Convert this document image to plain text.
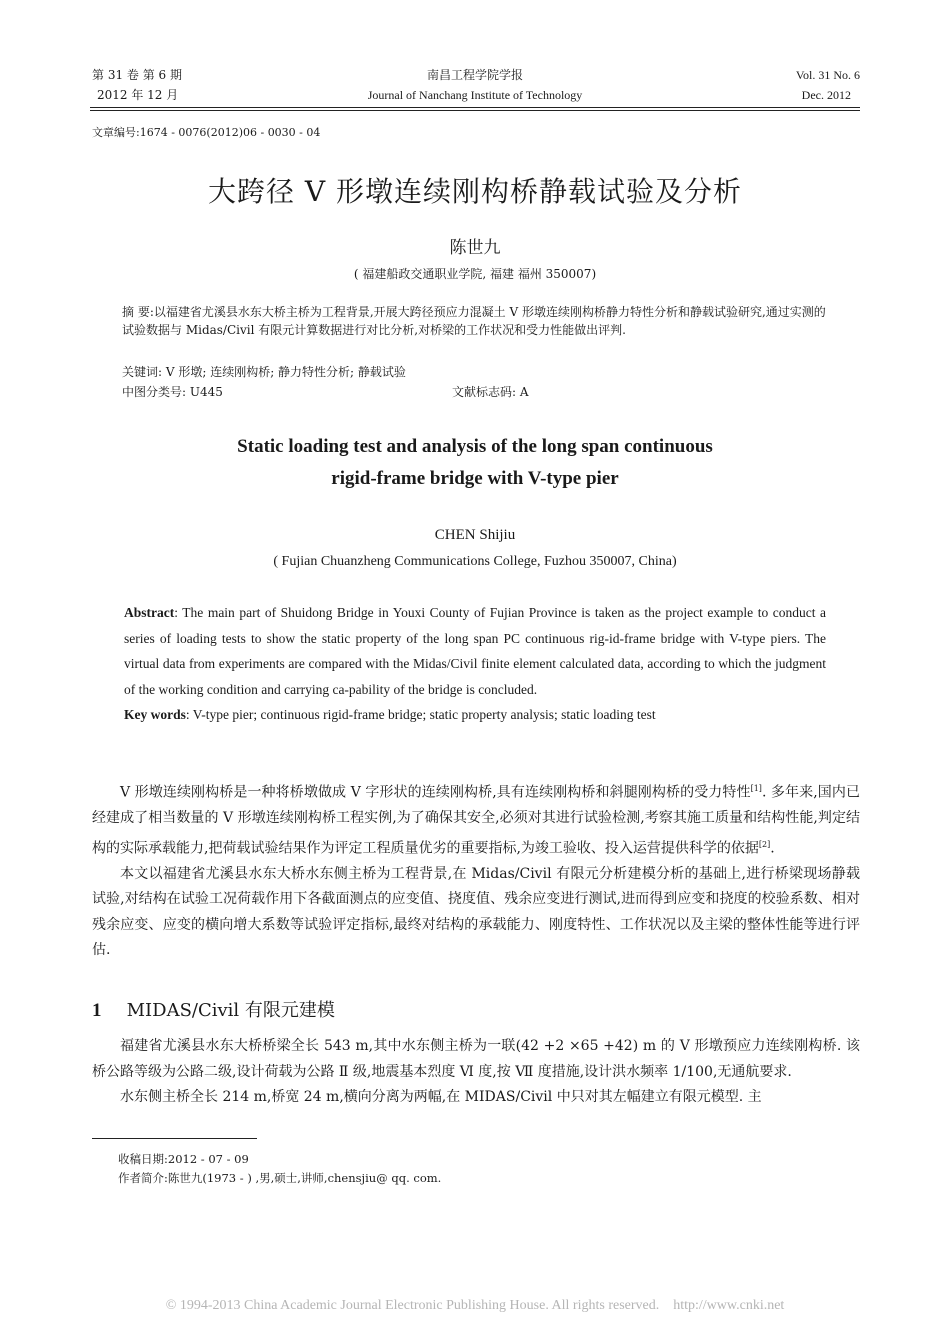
第 31 卷 第 6 期
2012 年 12 月
南昌工程学院学报
Journal of Nanchang Institute of Technology
Vol. 31 No. 6
Dec. 2012
文章编号:1674 - 0076(2012)06 - 0030 - 04
大跨径 V 形墩连续刚构桥静载试验及分析
陈世九
( 福建船政交通职业学院, 福建 福州 350007)
摘 要:以福建省尤溪县水东大桥主桥为工程背景,开展大跨径预应力混凝土 V 形墩连续刚构桥静力特性分析和静载试验研究,通过实测的试验数据与 Midas/Civil 有限元计算数据进行对比分析,对桥梁的工作状况和受力性能做出评判.
关键词: V 形墩; 连续刚构桥; 静力特性分析; 静载试验
中图分类号: U445	文献标志码: A
Static loading test and analysis of the long span continuous
rigid-frame bridge with V-type pier
CHEN Shijiu
( Fujian Chuanzheng Communications College, Fuzhou 350007, China)
Abstract: The main part of Shuidong Bridge in Youxi County of Fujian Province is taken as the project example to conduct a series of loading tests to show the static property of the long span PC continuous rig-id-frame bridge with V-type piers. The virtual data from experiments are compared with the Midas/Civil finite element calculated data, according to which the judgment of the working condition and carrying ca-pability of the bridge is concluded.
Key words: V-type pier; continuous rigid-frame bridge; static property analysis; static loading test

V 形墩连续刚构桥是一种将桥墩做成 V 字形状的连续刚构桥,具有连续刚构桥和斜腿刚构桥的受力特性[1]. 多年来,国内已经建成了相当数量的 V 形墩连续刚构桥工程实例,为了确保其安全,必须对其进行试验检测,考察其施工质量和结构性能,判定结构的实际承载能力,把荷载试验结果作为评定工程质量优劣的重要指标,为竣工验收、投入运营提供科学的依据[2].

本文以福建省尤溪县水东大桥水东侧主桥为工程背景,在 Midas/Civil 有限元分析建模分析的基础上,进行桥梁现场静载试验,对结构在试验工况荷载作用下各截面测点的应变值、挠度值、残余应变进行测试,进而得到应变和挠度的校验系数、相对残余应变、应变的横向增大系数等试验评定指标,最终对结构的承载能力、刚度特性、工作状况以及主梁的整体性能等进行评估.

1 MIDAS/Civil 有限元建模

福建省尤溪县水东大桥桥梁全长 543 m,其中水东侧主桥为一联(42 +2 ×65 +42) m 的 V 形墩预应力连续刚构桥. 该桥公路等级为公路二级,设计荷载为公路 Ⅱ 级,地震基本烈度 Ⅵ 度,按 Ⅶ 度措施,设计洪水频率 1/100,无通航要求.

水东侧主桥全长 214 m,桥宽 24 m,横向分离为两幅,在 MIDAS/Civil 中只对其左幅建立有限元模型. 主

收稿日期:2012 - 07 - 09
作者简介:陈世九(1973 - ) ,男,硕士,讲师,chensjiu@ qq. com.
© 1994-2013 China Academic Journal Electronic Publishing House. All rights reserved.    http://www.cnki.net
